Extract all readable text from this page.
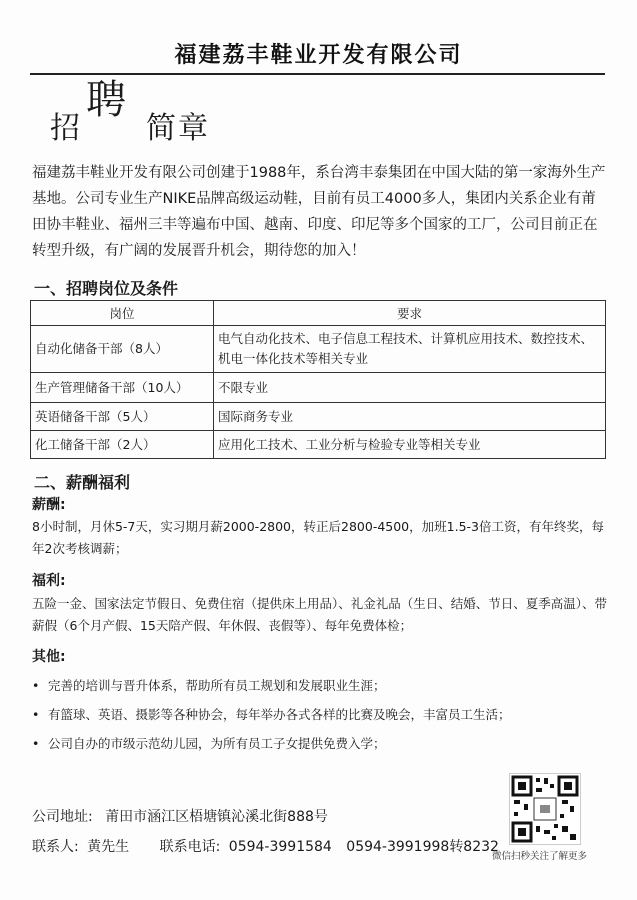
福建荔丰鞋业开发有限公司
招
聘
简章
福建荔丰鞋业开发有限公司创建于1988年，系台湾丰泰集团在中国大陆的第一家海外生产基地。公司专业生产NIKE品牌高级运动鞋，目前有员工4000多人，集团内关系企业有莆田协丰鞋业、福州三丰等遍布中国、越南、印度、印尼等多个国家的工厂，公司目前正在转型升级，有广阔的发展晋升机会，期待您的加入！
一、招聘岗位及条件
岗位	要求
自动化储备干部（8人）	电气自动化技术、电子信息工程技术、计算机应用技术、数控技术、机电一体化技术等相关专业
生产管理储备干部（10人）	不限专业
英语储备干部（5人）	国际商务专业
化工储备干部（2人）	应用化工技术、工业分析与检验专业等相关专业
二、薪酬福利
薪酬:
8小时制，月休5-7天，实习期月薪2000-2800，转正后2800-4500，加班1.5-3倍工资，有年终奖，每年2次考核调薪；
福利:
五险一金、国家法定节假日、免费住宿（提供床上用品）、礼金礼品（生日、结婚、节日、夏季高温）、带薪假（6个月产假、15天陪产假、年休假、丧假等）、每年免费体检；
其他:
• 完善的培训与晋升体系，帮助所有员工规划和发展职业生涯；
• 有篮球、英语、摄影等各种协会，每年举办各式各样的比赛及晚会，丰富员工生活；
• 公司自办的市级示范幼儿园，为所有员工子女提供免费入学；
公司地址: 莆田市涵江区梧塘镇沁溪北街888号
联系人: 黄先生 联系电话: 0594-3991584 0594-3991998转8232
微信扫秒关注了解更多
